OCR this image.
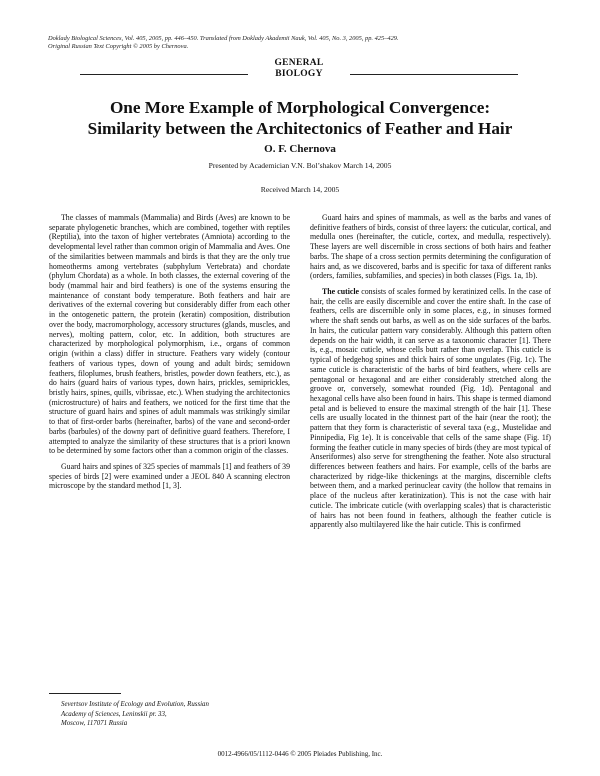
Doklady Biological Sciences, Vol. 405, 2005, pp. 446–450. Translated from Doklady Akademii Nauk, Vol. 405, No. 3, 2005, pp. 425–429.
Original Russian Text Copyright © 2005 by Chernova.
GENERAL
BIOLOGY
One More Example of Morphological Convergence:
Similarity between the Architectonics of Feather and Hair
O. F. Chernova
Presented by Academician V.N. Bol’shakov March 14, 2005
Received March 14, 2005

The classes of mammals (Mammalia) and Birds (Aves) are known to be separate phylogenetic branches, which are combined, together with reptiles (Reptilia), into the taxon of higher vertebrates (Amniota) according to the developmental level rather than common origin of Mammalia and Aves. One of the similarities between mammals and birds is that they are the only true homeotherms among vertebrates (subphylum Vertebrata) and chordate (phylum Chordata) as a whole. In both classes, the external covering of the body (mammal hair and bird feathers) is one of the systems ensuring the maintenance of constant body temperature. Both feathers and hair are derivatives of the external covering but considerably differ from each other in the ontogenetic pattern, the protein (keratin) composition, distribution over the body, macromorphology, accessory structures (glands, muscles, and nerves), molting pattern, color, etc. In addition, both structures are characterized by morphological polymorphism, i.e., organs of common origin (within a class) differ in structure. Feathers vary widely (contour feathers of various types, down of young and adult birds; semidown feathers, filoplumes, brush feathers, bristles, powder down feathers, etc.), as do hairs (guard hairs of various types, down hairs, prickles, semiprickles, bristly hairs, spines, quills, vibrissae, etc.). When studying the architectonics (microstructure) of hairs and feathers, we noticed for the first time that the structure of guard hairs and spines of adult mammals was strikingly similar to that of first-order barbs (hereinafter, barbs) of the vane and second-order barbs (barbules) of the downy part of definitive guard feathers. Therefore, I attempted to analyze the similarity of these structures that is a priori known to be determined by some factors other than a common origin of the classes.

Guard hairs and spines of 325 species of mammals [1] and feathers of 39 species of birds [2] were examined under a JEOL 840 A scanning electron microscope by the standard method [1, 3].

Guard hairs and spines of mammals, as well as the barbs and vanes of definitive feathers of birds, consist of three layers: the cuticular, cortical, and medulla ones (hereinafter, the cuticle, cortex, and medulla, respectively). These layers are well discernible in cross sections of both hairs and feather barbs. The shape of a cross section permits determining the configuration of hairs and, as we discovered, barbs and is specific for taxa of different ranks (orders, families, subfamilies, and species) in both classes (Figs. 1a, 1b).

The cuticle consists of scales formed by keratinized cells. In the case of hair, the cells are easily discernible and cover the entire shaft. In the case of feathers, cells are discernible only in some places, e.g., in sinuses formed where the shaft sends out barbs, as well as on the side surfaces of the barbs. In hairs, the cuticular pattern vary considerably. Although this pattern often depends on the hair width, it can serve as a taxonomic character [1]. There is, e.g., mosaic cuticle, whose cells butt rather than overlap. This cuticle is typical of hedgehog spines and thick hairs of some ungulates (Fig. 1c). The same cuticle is characteristic of the barbs of bird feathers, where cells are pentagonal or hexagonal and are either considerably stretched along the groove or, conversely, somewhat rounded (Fig. 1d). Pentagonal and hexagonal cells have also been found in hairs. This shape is termed diamond petal and is believed to ensure the maximal strength of the hair [1]. These cells are usually located in the thinnest part of the hair (near the root); the pattern that they form is characteristic of several taxa (e.g., Mustelidae and Pinnipedia, Fig 1e). It is conceivable that cells of the same shape (Fig. 1f) forming the feather cuticle in many species of birds (they are most typical of Anseriformes) also serve for strengthening the feather. Note also structural differences between feathers and hairs. For example, cells of the barbs are characterized by ridge-like thickenings at the margins, discernible clefts between them, and a marked perinuclear cavity (the hollow that remains in place of the nucleus after keratinization). This is not the case with hair cuticle. The imbricate cuticle (with overlapping scales) that is characteristic of hairs has not been found in feathers, although the feather cuticle is apparently also multilayered like the hair cuticle. This is confirmed

Severtsov Institute of Ecology and Evolution, Russian
Academy of Sciences, Leninskii pr. 33,
Moscow, 117071 Russia
0012-4966/05/1112-0446 © 2005 Pleiades Publishing, Inc.
